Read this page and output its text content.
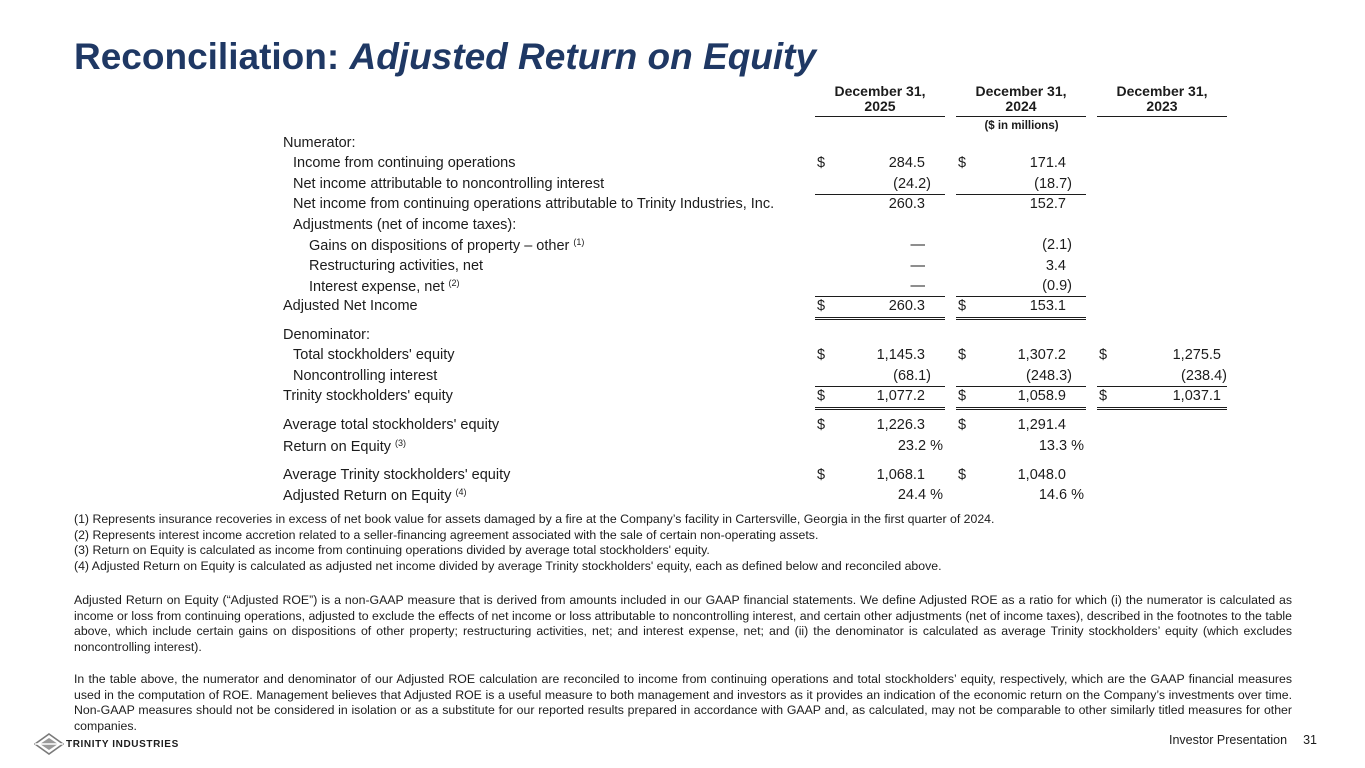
Reconciliation: Adjusted Return on Equity
December 31,
2025
December 31,
2024
December 31,
2023
($ in millions)
Numerator:
Income from continuing operations	$	284.5 $	171.4
Net income attributable to noncontrolling interest	(24.2)	(18.7)
Net income from continuing operations attributable to Trinity Industries, Inc.	260.3	152.7
Adjustments (net of income taxes):
Gains on dispositions of property – other $^{(1)}$	—	(2.1)
Restructuring activities, net	—	3.4
Interest expense, net $^{(2)}$	—	(0.9)
Adjusted Net Income	$	260.3 $	153.1
Denominator:
Total stockholders' equity	$	1,145.3 $	1,307.2 $	1,275.5
Noncontrolling interest	(68.1)	(248.3)	(238.4)
Trinity stockholders' equity	$	1,077.2 $	1,058.9 $	1,037.1
Average total stockholders' equity	$	1,226.3 $	1,291.4
Return on Equity $^{(3)}$	23.2 %	13.3 %
Average Trinity stockholders' equity	$	1,068.1 $	1,048.0
Adjusted Return on Equity $^{(4)}$	24.4 %	14.6 %

(1) Represents insurance recoveries in excess of net book value for assets damaged by a fire at the Company’s facility in Cartersville, Georgia in the first quarter of 2024.

(2) Represents interest income accretion related to a seller-financing agreement associated with the sale of certain non-operating assets.

(3) Return on Equity is calculated as income from continuing operations divided by average total stockholders' equity.

(4) Adjusted Return on Equity is calculated as adjusted net income divided by average Trinity stockholders' equity, each as defined below and reconciled above.

Adjusted Return on Equity (“Adjusted ROE”) is a non-GAAP measure that is derived from amounts included in our GAAP financial statements. We define Adjusted ROE as a ratio for which (i) the numerator is calculated as income or loss from continuing operations, adjusted to exclude the effects of net income or loss attributable to noncontrolling interest, and certain other adjustments (net of income taxes), described in the footnotes to the table above, which include certain gains on dispositions of other property; restructuring activities, net; and interest expense, net; and (ii) the denominator is calculated as average Trinity stockholders’ equity (which excludes noncontrolling interest).
In the table above, the numerator and denominator of our Adjusted ROE calculation are reconciled to income from continuing operations and total stockholders’ equity, respectively, which are the GAAP financial measures used in the computation of ROE. Management believes that Adjusted ROE is a useful measure to both management and investors as it provides an indication of the economic return on the Company’s investments over time. Non-GAAP measures should not be considered in isolation or as a substitute for our reported results prepared in accordance with GAAP and, as calculated, may not be comparable to other similarly titled measures for other companies.
TRINITY INDUSTRIES	Investor Presentation 31
